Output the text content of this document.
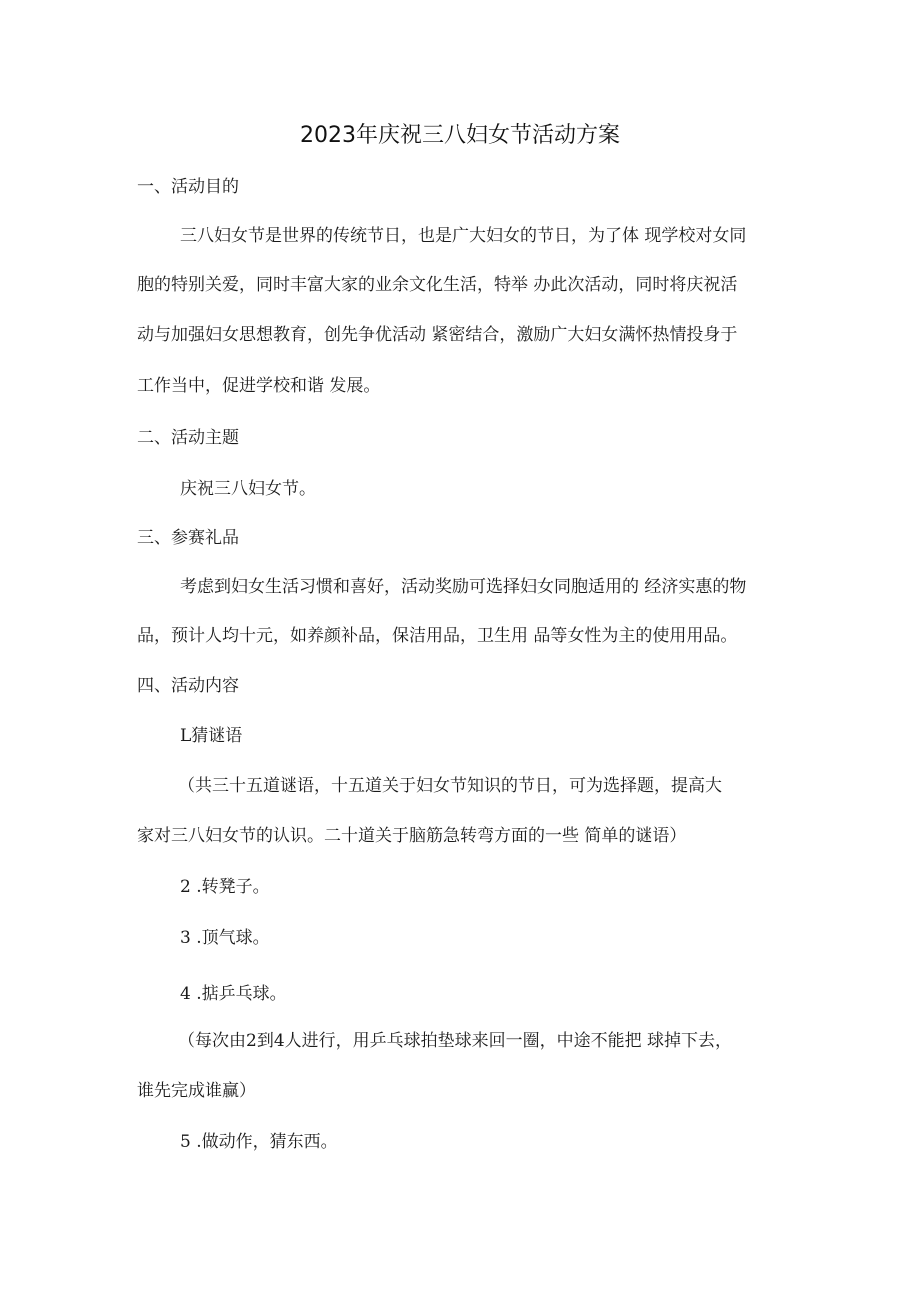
2023年庆祝三八妇女节活动方案
一、活动目的
三八妇女节是世界的传统节日，也是广大妇女的节日，为了体 现学校对女同
胞的特别关爱，同时丰富大家的业余文化生活，特举 办此次活动，同时将庆祝活
动与加强妇女思想教育，创先争优活动 紧密结合，激励广大妇女满怀热情投身于
工作当中，促进学校和谐 发展。
二、活动主题
庆祝三八妇女节。
三、参赛礼品
考虑到妇女生活习惯和喜好，活动奖励可选择妇女同胞适用的 经济实惠的物
品，预计人均十元，如养颜补品，保洁用品，卫生用 品等女性为主的使用用品。
四、活动内容
L猜谜语
（共三十五道谜语，十五道关于妇女节知识的节日，可为选择题，提高大
家对三八妇女节的认识。二十道关于脑筋急转弯方面的一些 简单的谜语）
2 .转凳子。
3 .顶气球。
4 .掂乒乓球。
（每次由2到4人进行，用乒乓球拍垫球来回一圈，中途不能把 球掉下去，
谁先完成谁赢）
5 .做动作，猜东西。
